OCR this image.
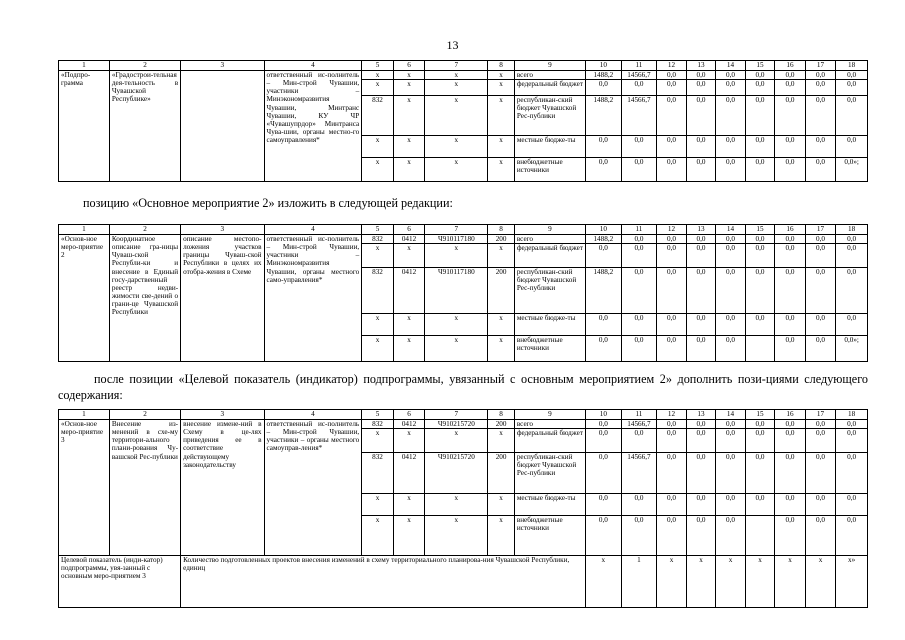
13
1	2	3	4	5	6	7	8	9	10	11	12	13	14	15	16	17	18
«Подпро-грамма	«Градострои-тельная дея-тельность в Чувашской Республике»		ответственный ис-полнитель – Мин-строй Чувашии, участники – Минэкономразвития Чувашии, Минтранс Чувашии, КУ ЧР «Чувашупрдор» Минтранса Чува-шии, органы местно-го самоуправления*	x	x	x	x	всего	1488,2	14566,7	0,0	0,0	0,0	0,0	0,0	0,0	0,0
				x	x	x	x	федеральный бюджет	0,0	0,0	0,0	0,0	0,0	0,0	0,0	0,0	0,0
				832	x	x	x	республикан-ский бюджет Чувашской Рес-публики	1488,2	14566,7	0,0	0,0	0,0	0,0	0,0	0,0	0,0
				x	x	x	x	местные бюдже-ты	0,0	0,0	0,0	0,0	0,0	0,0	0,0	0,0	0,0
				x	x	x	x	внебюджетные источники	0,0	0,0	0,0	0,0	0,0	0,0	0,0	0,0	0,0»;
позицию «Основное мероприятие 2» изложить в следующей редакции:
1	2	3	4	5	6	7	8	9	10	11	12	13	14	15	16	17	18
«Основ-ное меро-приятие 2	Координатное описание гра-ницы Чуваш-ской Республи-ки и внесение в Единый госу-дарственный реестр недви-жимости све-дений о грани-це Чувашской Республики	описание местопо-ложения участков границы Чуваш-ской Республики в целях их отобра-жения в Схеме	ответственный ис-полнитель – Мин-строй Чувашии, участники – Минэкономразвития Чувашии, органы местного само-управления*	832	0412	Ч910117180	200	всего	1488,2	0,0	0,0	0,0	0,0	0,0	0,0	0,0	0,0
				x	x	x	x	федеральный бюджет	0,0	0,0	0,0	0,0	0,0	0,0	0,0	0,0	0,0
				832	0412	Ч910117180	200	республикан-ский бюджет Чувашской Рес-публики	1488,2	0,0	0,0	0,0	0,0	0,0	0,0	0,0	0,0
				x	x	x	x	местные бюдже-ты	0,0	0,0	0,0	0,0	0,0	0,0	0,0	0,0	0,0
				x	x	x	x	внебюджетные источники	0,0	0,0	0,0	0,0	0,0		0,0	0,0	0,0»;
после позиции «Целевой показатель (индикатор) подпрограммы, увязанный с основным мероприятием 2» дополнить пози-циями следующего содержания:
1	2	3	4	5	6	7	8	9	10	11	12	13	14	15	16	17	18
«Основ-ное меро-приятие 3	Внесение из-менений в схе-му территори-ального плани-рования Чу-вашской Рес-публики	внесение измене-ний в Схему в це-лях приведения ее в соответствие действующему законодательству	ответственный ис-полнитель – Мин-строй Чувашии, участники – органы местного самоуправ-ления*	832	0412	Ч910215720	200	всего	0,0	14566,7	0,0	0,0	0,0	0,0	0,0	0,0	0,0
				x	x	x	x	федеральный бюджет	0,0	0,0	0,0	0,0	0,0	0,0	0,0	0,0	0,0
				832	0412	Ч910215720	200	республикан-ский бюджет Чувашской Рес-публики	0,0	14566,7	0,0	0,0	0,0	0,0	0,0	0,0	0,0
				x	x	x	x	местные бюдже-ты	0,0	0,0	0,0	0,0	0,0	0,0	0,0	0,0	0,0
				x	x	x	x	внебюджетные источники	0,0	0,0	0,0	0,0	0,0		0,0	0,0	0,0
Целевой показатель (инди-катор) подпрограммы, увя-занный с основным меро-приятием 3		Количество подготовленных проектов внесения изменений в схему территориального планирова-ния Чувашской Республики, единиц							x	1	x	x	x	x	x	x	x»
